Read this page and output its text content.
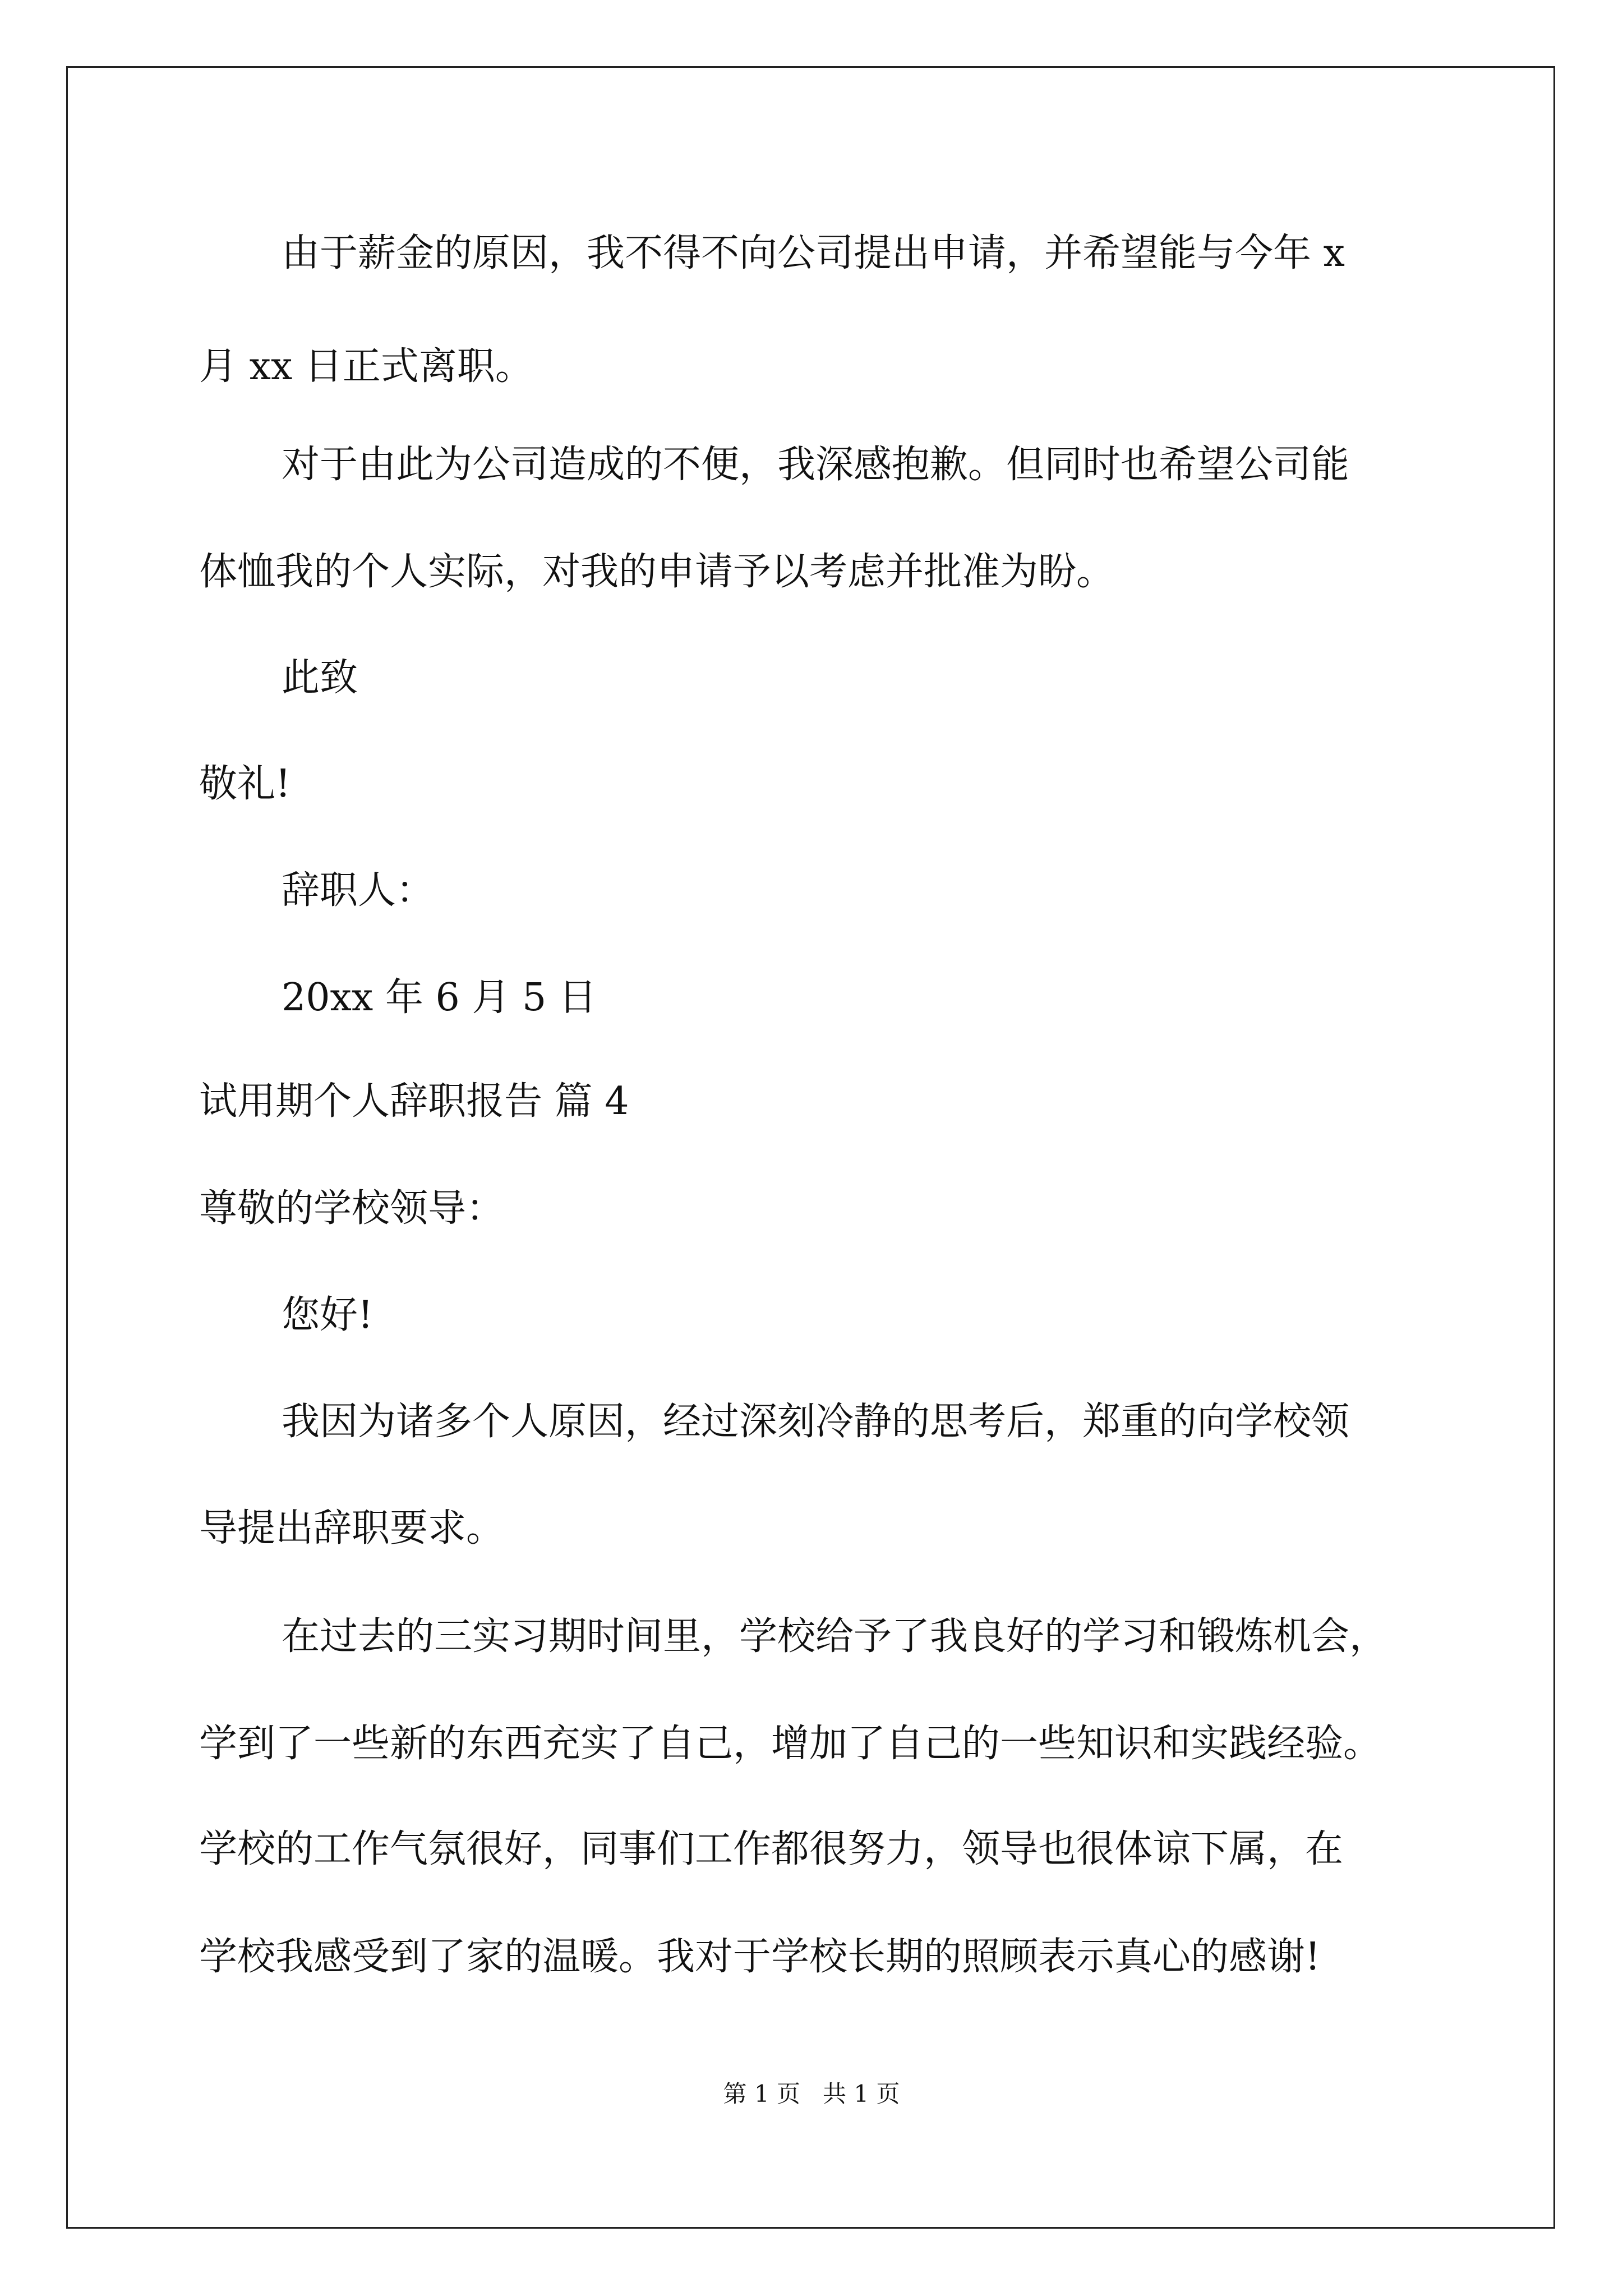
由于薪金的原因，我不得不向公司提出申请，并希望能与今年 x
月 xx 日正式离职。
对于由此为公司造成的不便，我深感抱歉。但同时也希望公司能
体恤我的个人实际，对我的申请予以考虑并批准为盼。
此致
敬礼!
辞职人：
20xx 年 6 月 5 日
试用期个人辞职报告 篇 4
尊敬的学校领导：
您好!
我因为诸多个人原因，经过深刻冷静的思考后，郑重的向学校领
导提出辞职要求。
在过去的三实习期时间里，学校给予了我良好的学习和锻炼机会，
学到了一些新的东西充实了自己，增加了自己的一些知识和实践经验。
学校的工作气氛很好，同事们工作都很努力，领导也很体谅下属，在
学校我感受到了家的温暖。我对于学校长期的照顾表示真心的感谢!
第 1 页   共 1 页
